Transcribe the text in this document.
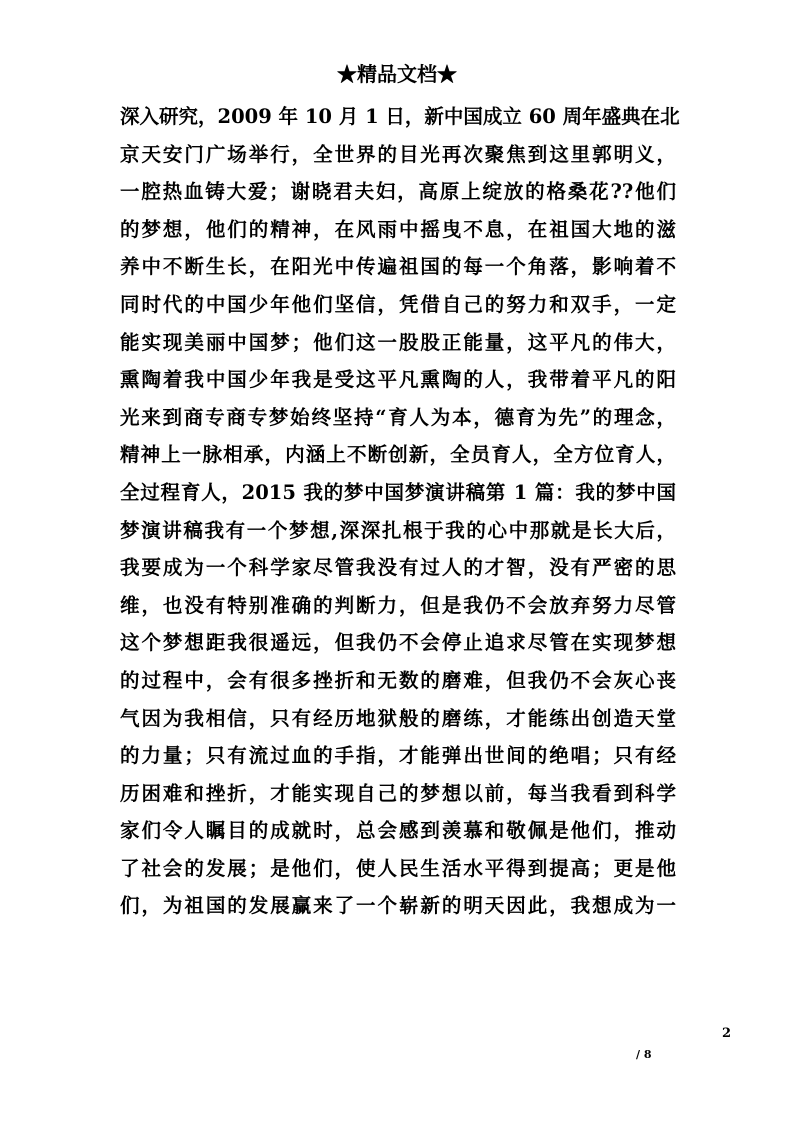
★精品文档★
深入研究，2009 年 10 月 1 日，新中国成立 60 周年盛典在北
京天安门广场举行，全世界的目光再次聚焦到这里郭明义，
一腔热血铸大爱；谢晓君夫妇，高原上绽放的格桑花??他们
的梦想，他们的精神，在风雨中摇曳不息，在祖国大地的滋
养中不断生长，在阳光中传遍祖国的每一个角落，影响着不
同时代的中国少年他们坚信，凭借自己的努力和双手，一定
能实现美丽中国梦；他们这一股股正能量，这平凡的伟大，
熏陶着我中国少年我是受这平凡熏陶的人，我带着平凡的阳
光来到商专商专梦始终坚持“育人为本，德育为先”的理念，
精神上一脉相承，内涵上不断创新，全员育人，全方位育人，
全过程育人，2015 我的梦中国梦演讲稿第 1 篇：我的梦中国
梦演讲稿我有一个梦想,深深扎根于我的心中那就是长大后，
我要成为一个科学家尽管我没有过人的才智，没有严密的思
维，也没有特别准确的判断力，但是我仍不会放弃努力尽管
这个梦想距我很遥远，但我仍不会停止追求尽管在实现梦想
的过程中，会有很多挫折和无数的磨难，但我仍不会灰心丧
气因为我相信，只有经历地狱般的磨练，才能练出创造天堂
的力量；只有流过血的手指，才能弹出世间的绝唱；只有经
历困难和挫折，才能实现自己的梦想以前，每当我看到科学
家们令人瞩目的成就时，总会感到羡慕和敬佩是他们，推动
了社会的发展；是他们，使人民生活水平得到提高；更是他
们，为祖国的发展赢来了一个崭新的明天因此，我想成为一
2
/ 8
